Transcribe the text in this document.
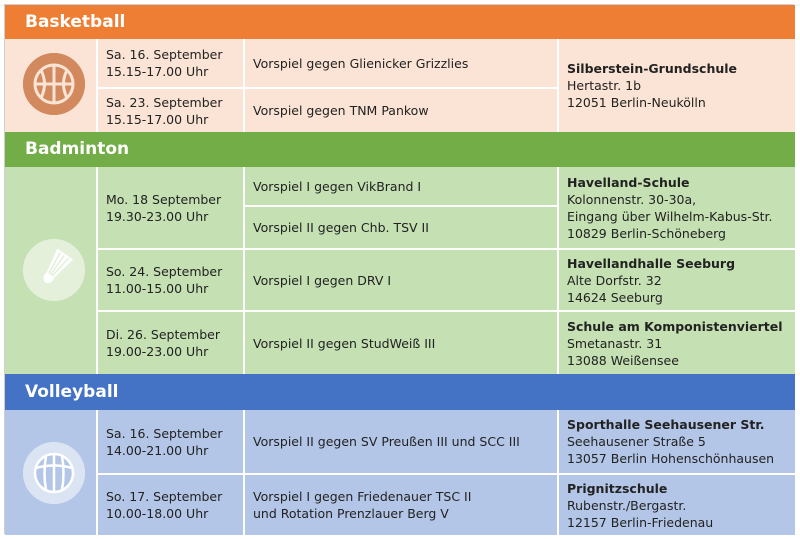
Basketball
Sa. 16. September
15.15-17.00 Uhr
Vorspiel gegen Glienicker Grizzlies
Sa. 23. September
15.15-17.00 Uhr
Vorspiel gegen TNM Pankow
Silberstein-Grundschule
Hertastr. 1b
12051 Berlin-Neukölln
Badminton
Mo. 18 September
19.30-23.00 Uhr
Vorspiel I gegen VikBrand I
Vorspiel II gegen Chb. TSV II
Havelland-Schule
Kolonnenstr. 30-30a,
Eingang über Wilhelm-Kabus-Str.
10829 Berlin-Schöneberg
So. 24. September
11.00-15.00 Uhr
Vorspiel I gegen DRV I
Havellandhalle Seeburg
Alte Dorfstr. 32
14624 Seeburg
Di. 26. September
19.00-23.00 Uhr
Vorspiel II gegen StudWeiß III
Schule am Komponistenviertel
Smetanastr. 31
13088 Weißensee
Volleyball
Sa. 16. September
14.00-21.00 Uhr
Vorspiel II gegen SV Preußen III und SCC III
Sporthalle Seehausener Str.
Seehausener Straße 5
13057 Berlin Hohenschönhausen
So. 17. September
10.00-18.00 Uhr
Vorspiel I gegen Friedenauer TSC II
und Rotation Prenzlauer Berg V
Prignitzschule
Rubenstr./Bergastr.
12157 Berlin-Friedenau
